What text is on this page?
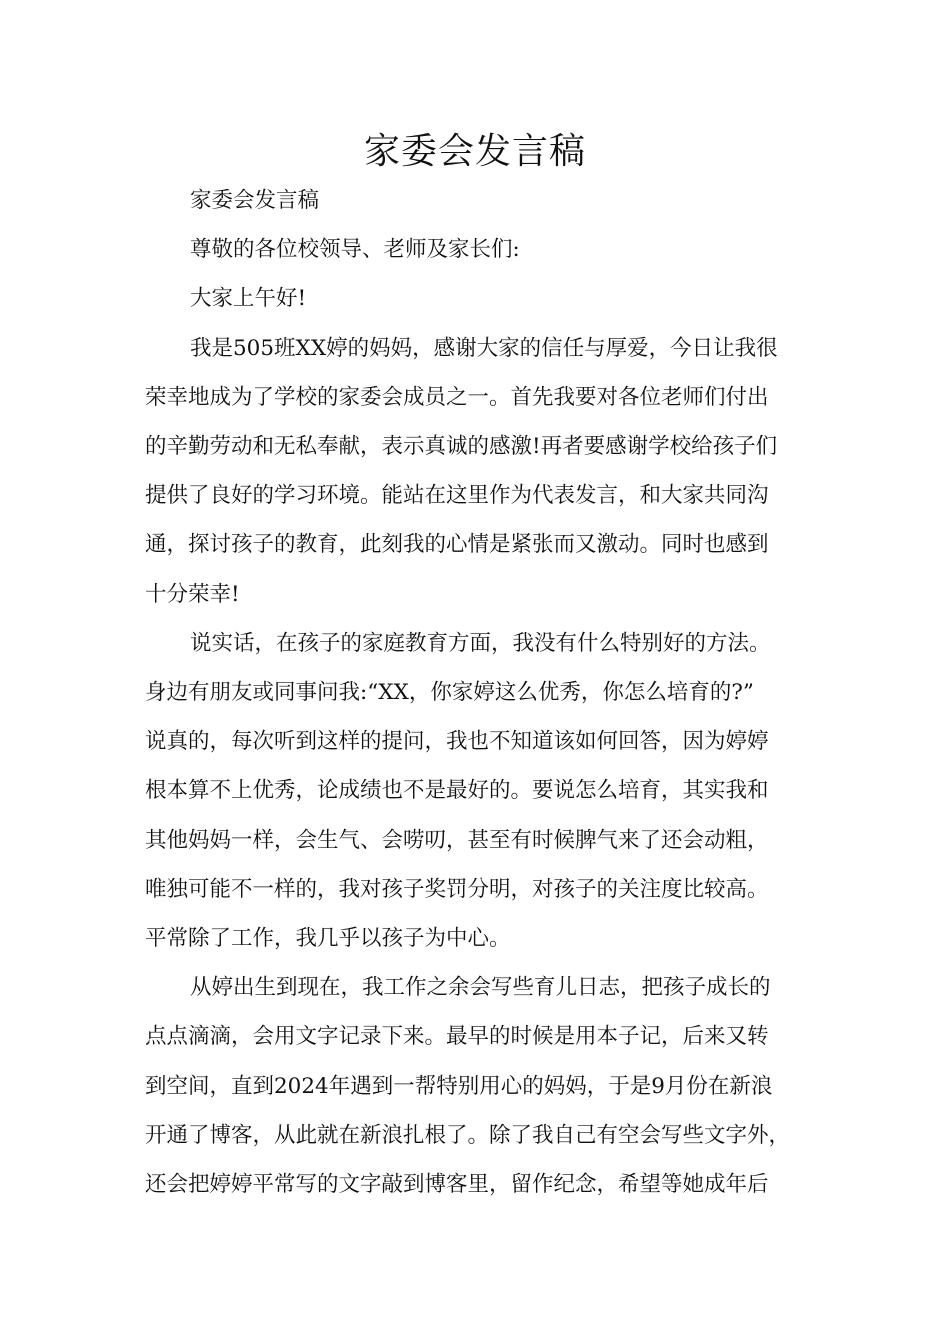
家委会发言稿

家委会发言稿

尊敬的各位校领导、老师及家长们:

大家上午好!

我是505班XX婷的妈妈，感谢大家的信任与厚爱，今日让我很
荣幸地成为了学校的家委会成员之一。首先我要对各位老师们付出
的辛勤劳动和无私奉献，表示真诚的感激!再者要感谢学校给孩子们
提供了良好的学习环境。能站在这里作为代表发言，和大家共同沟
通，探讨孩子的教育，此刻我的心情是紧张而又激动。同时也感到
十分荣幸!

说实话，在孩子的家庭教育方面，我没有什么特别好的方法。
身边有朋友或同事问我:“XX，你家婷这么优秀，你怎么培育的?”
说真的，每次听到这样的提问，我也不知道该如何回答，因为婷婷
根本算不上优秀，论成绩也不是最好的。要说怎么培育，其实我和
其他妈妈一样，会生气、会唠叨，甚至有时候脾气来了还会动粗，
唯独可能不一样的，我对孩子奖罚分明，对孩子的关注度比较高。
平常除了工作，我几乎以孩子为中心。

从婷出生到现在，我工作之余会写些育儿日志，把孩子成长的
点点滴滴，会用文字记录下来。最早的时候是用本子记，后来又转
到空间，直到2024年遇到一帮特别用心的妈妈，于是9月份在新浪
开通了博客，从此就在新浪扎根了。除了我自己有空会写些文字外，
还会把婷婷平常写的文字敲到博客里，留作纪念，希望等她成年后
